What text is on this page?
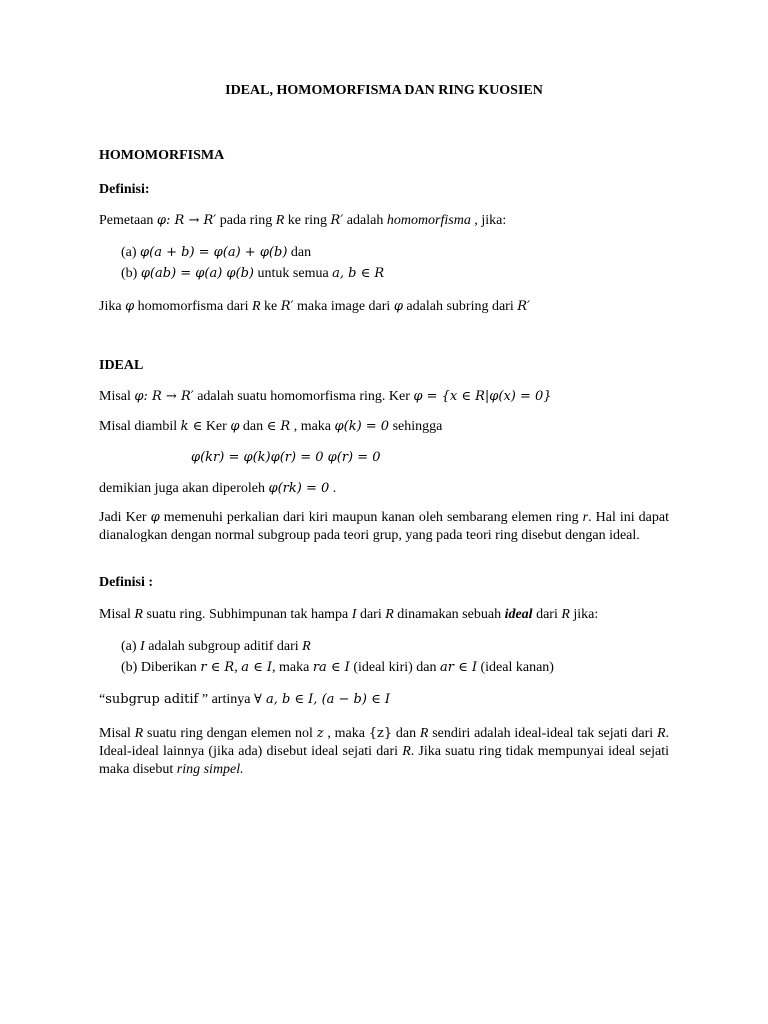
IDEAL, HOMOMORFISMA DAN RING KUOSIEN
HOMOMORFISMA
Definisi:
Pemetaan φ: R → R′ pada ring R ke ring R′ adalah homomorfisma , jika:
(a) φ(a + b) = φ(a) + φ(b) dan
(b) φ(ab) = φ(a) φ(b) untuk semua a, b ∈ R
Jika φ homomorfisma dari R ke R′ maka image dari φ adalah subring dari R′
IDEAL
Misal φ: R → R′ adalah suatu homomorfisma ring. Ker φ = {x ∈ R|φ(x) = 0}
Misal diambil k ∈ Ker φ dan ∈ R , maka φ(k) = 0 sehingga
φ(kr) = φ(k)φ(r) = 0 φ(r) = 0
demikian juga akan diperoleh φ(rk) = 0 .
Jadi Ker φ memenuhi perkalian dari kiri maupun kanan oleh sembarang elemen ring r. Hal ini dapat dianalogkan dengan normal subgroup pada teori grup, yang pada teori ring disebut dengan ideal.
Definisi :
Misal R suatu ring. Subhimpunan tak hampa I dari R dinamakan sebuah ideal dari R jika:
(a) I adalah subgroup aditif dari R
(b) Diberikan r ∈ R, a ∈ I, maka ra ∈ I (ideal kiri) dan ar ∈ I (ideal kanan)
“subgrup aditif ” artinya ∀ a, b ∈ I, (a − b) ∈ I
Misal R suatu ring dengan elemen nol z , maka {z} dan R sendiri adalah ideal-ideal tak sejati dari R. Ideal-ideal lainnya (jika ada) disebut ideal sejati dari R. Jika suatu ring tidak mempunyai ideal sejati maka disebut ring simpel.
